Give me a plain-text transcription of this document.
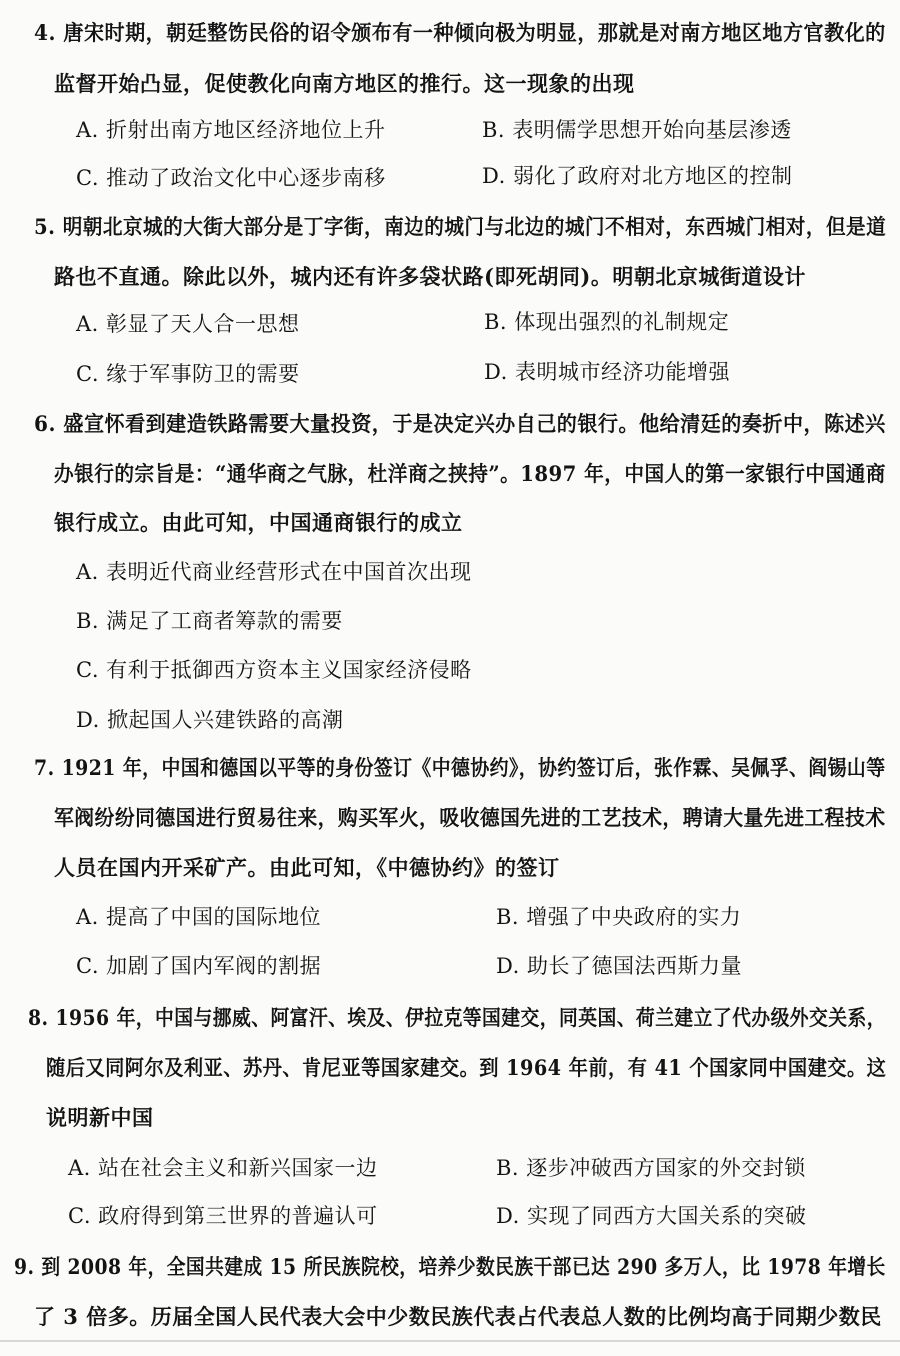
4. 唐宋时期，朝廷整饬民俗的诏令颁布有一种倾向极为明显，那就是对南方地区地方官教化的
监督开始凸显，促使教化向南方地区的推行。这一现象的出现
A. 折射出南方地区经济地位上升	B. 表明儒学思想开始向基层渗透
C. 推动了政治文化中心逐步南移	D. 弱化了政府对北方地区的控制
5. 明朝北京城的大街大部分是丁字街，南边的城门与北边的城门不相对，东西城门相对，但是道
路也不直通。除此以外，城内还有许多袋状路(即死胡同)。明朝北京城街道设计
A. 彰显了天人合一思想	B. 体现出强烈的礼制规定
C. 缘于军事防卫的需要	D. 表明城市经济功能增强
6. 盛宣怀看到建造铁路需要大量投资，于是决定兴办自己的银行。他给清廷的奏折中，陈述兴
办银行的宗旨是：“通华商之气脉，杜洋商之挟持”。1897 年，中国人的第一家银行中国通商
银行成立。由此可知，中国通商银行的成立
A. 表明近代商业经营形式在中国首次出现
B. 满足了工商者筹款的需要
C. 有利于抵御西方资本主义国家经济侵略
D. 掀起国人兴建铁路的高潮
7. 1921 年，中国和德国以平等的身份签订《中德协约》，协约签订后，张作霖、吴佩孚、阎锡山等
军阀纷纷同德国进行贸易往来，购买军火，吸收德国先进的工艺技术，聘请大量先进工程技术
人员在国内开采矿产。由此可知，《中德协约》的签订
A. 提高了中国的国际地位	B. 增强了中央政府的实力
C. 加剧了国内军阀的割据	D. 助长了德国法西斯力量
8. 1956 年，中国与挪威、阿富汗、埃及、伊拉克等国建交，同英国、荷兰建立了代办级外交关系，
随后又同阿尔及利亚、苏丹、肯尼亚等国家建交。到 1964 年前，有 41 个国家同中国建交。这
说明新中国
A. 站在社会主义和新兴国家一边	B. 逐步冲破西方国家的外交封锁
C. 政府得到第三世界的普遍认可	D. 实现了同西方大国关系的突破
9. 到 2008 年，全国共建成 15 所民族院校，培养少数民族干部已达 290 多万人，比 1978 年增长
了 3 倍多。历届全国人民代表大会中少数民族代表占代表总人数的比例均高于同期少数民
